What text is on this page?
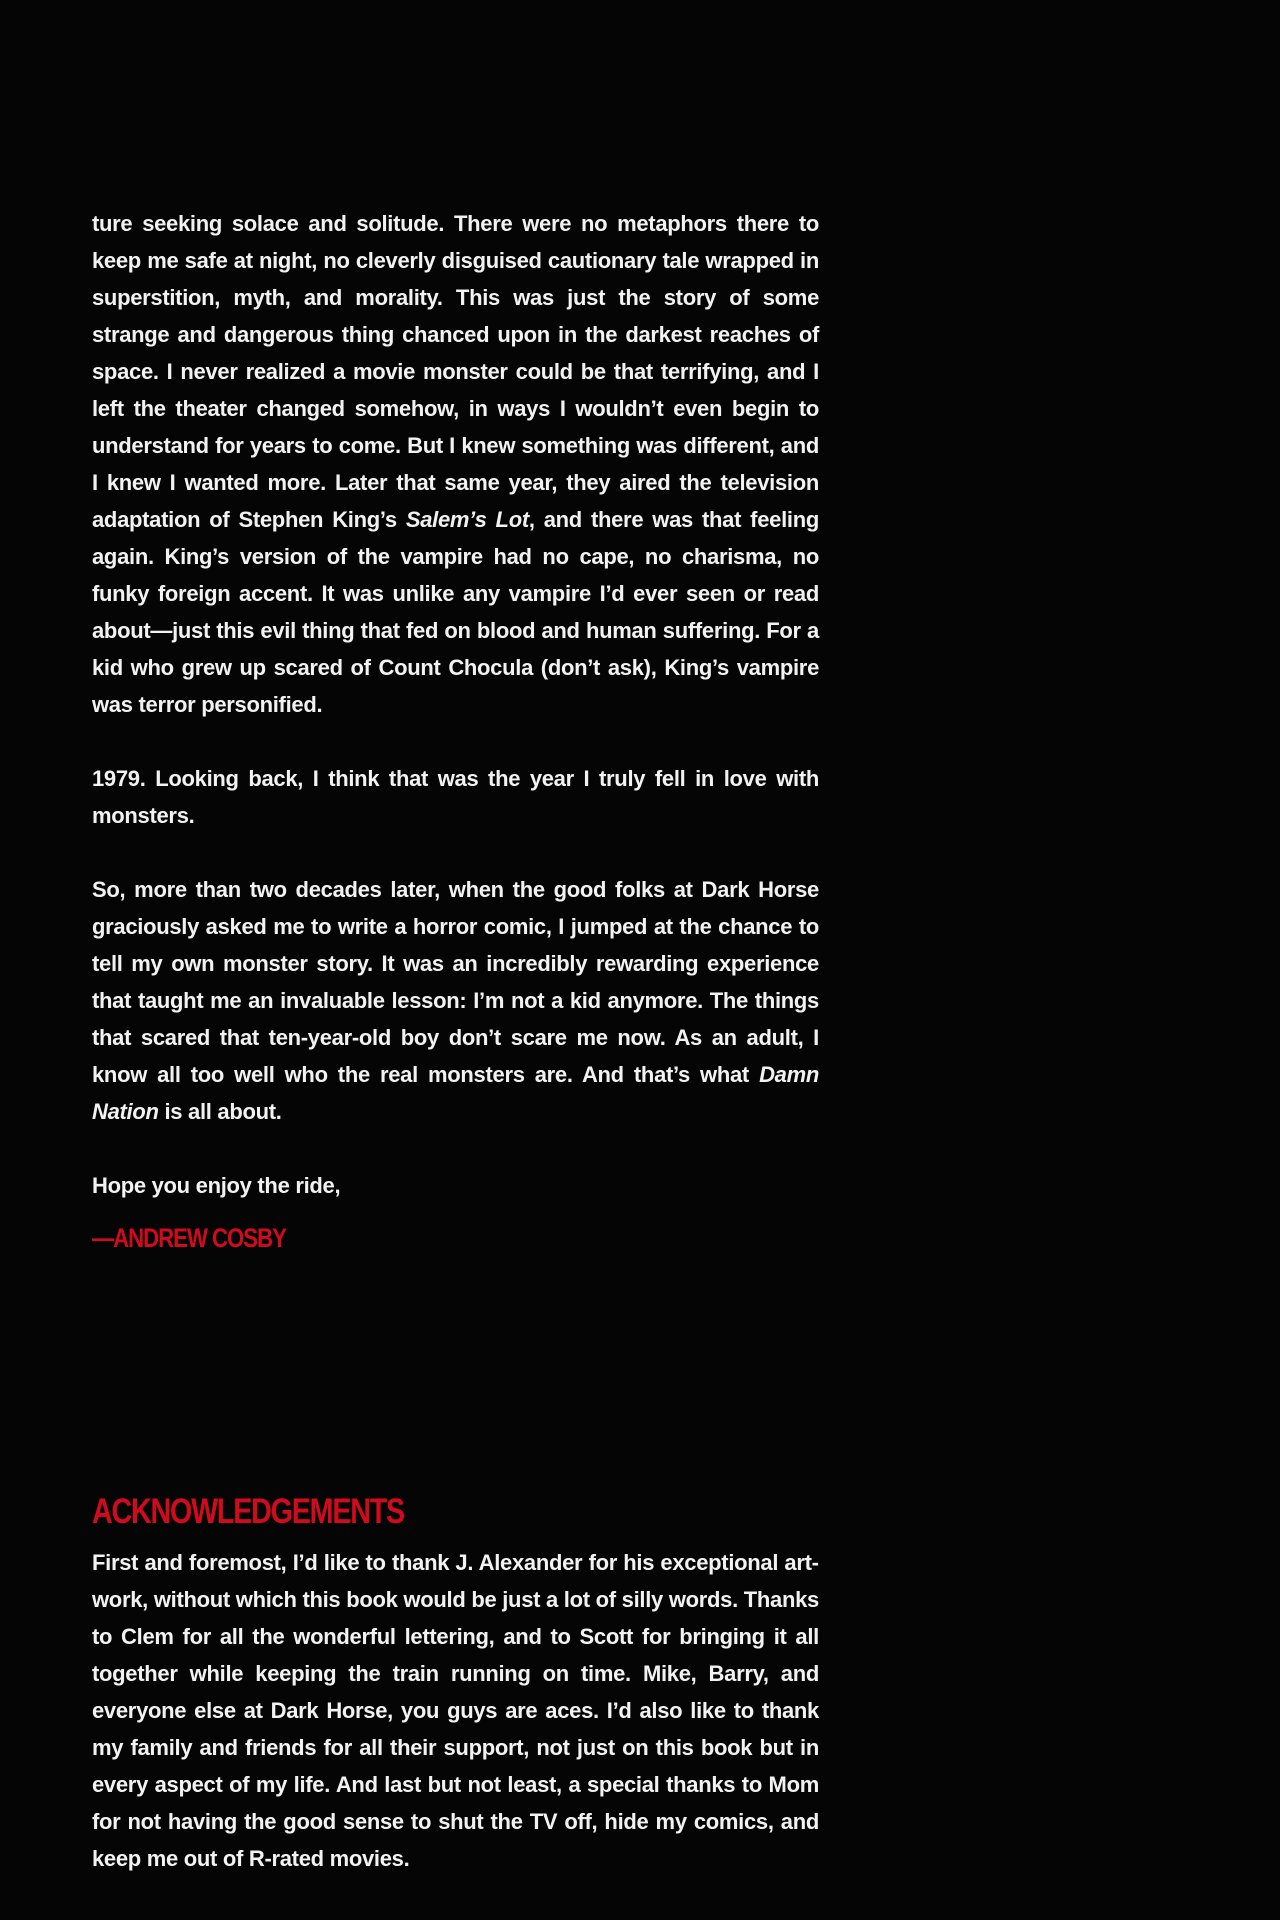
ture seeking solace and solitude. There were no metaphors there to keep me safe at night, no cleverly disguised cautionary tale wrapped in superstition, myth, and morality. This was just the story of some strange and dangerous thing chanced upon in the darkest reaches of space. I never realized a movie monster could be that terrifying, and I left the theater changed somehow, in ways I wouldn’t even begin to understand for years to come. But I knew something was different, and I knew I wanted more. Later that same year, they aired the television adaptation of Stephen King’s Salem’s Lot, and there was that feeling again. King’s version of the vampire had no cape, no charisma, no funky foreign accent. It was unlike any vampire I’d ever seen or read about—just this evil thing that fed on blood and human suffering. For a kid who grew up scared of Count Chocula (don’t ask), King’s vampire was terror personified.

1979. Looking back, I think that was the year I truly fell in love with monsters.

So, more than two decades later, when the good folks at Dark Horse graciously asked me to write a horror comic, I jumped at the chance to tell my own monster story. It was an incredibly rewarding experience that taught me an invaluable lesson: I’m not a kid anymore. The things that scared that ten-year-old boy don’t scare me now. As an adult, I know all too well who the real monsters are. And that’s what Damn Nation is all about.

Hope you enjoy the ride,

—ANDREW COSBY

ACKNOWLEDGEMENTS

First and foremost, I’d like to thank J. Alexander for his exceptional artwork, without which this book would be just a lot of silly words. Thanks to Clem for all the wonderful lettering, and to Scott for bringing it all together while keeping the train running on time. Mike, Barry, and everyone else at Dark Horse, you guys are aces. I’d also like to thank my family and friends for all their support, not just on this book but in every aspect of my life. And last but not least, a special thanks to Mom for not having the good sense to shut the TV off, hide my comics, and keep me out of R-rated movies.
